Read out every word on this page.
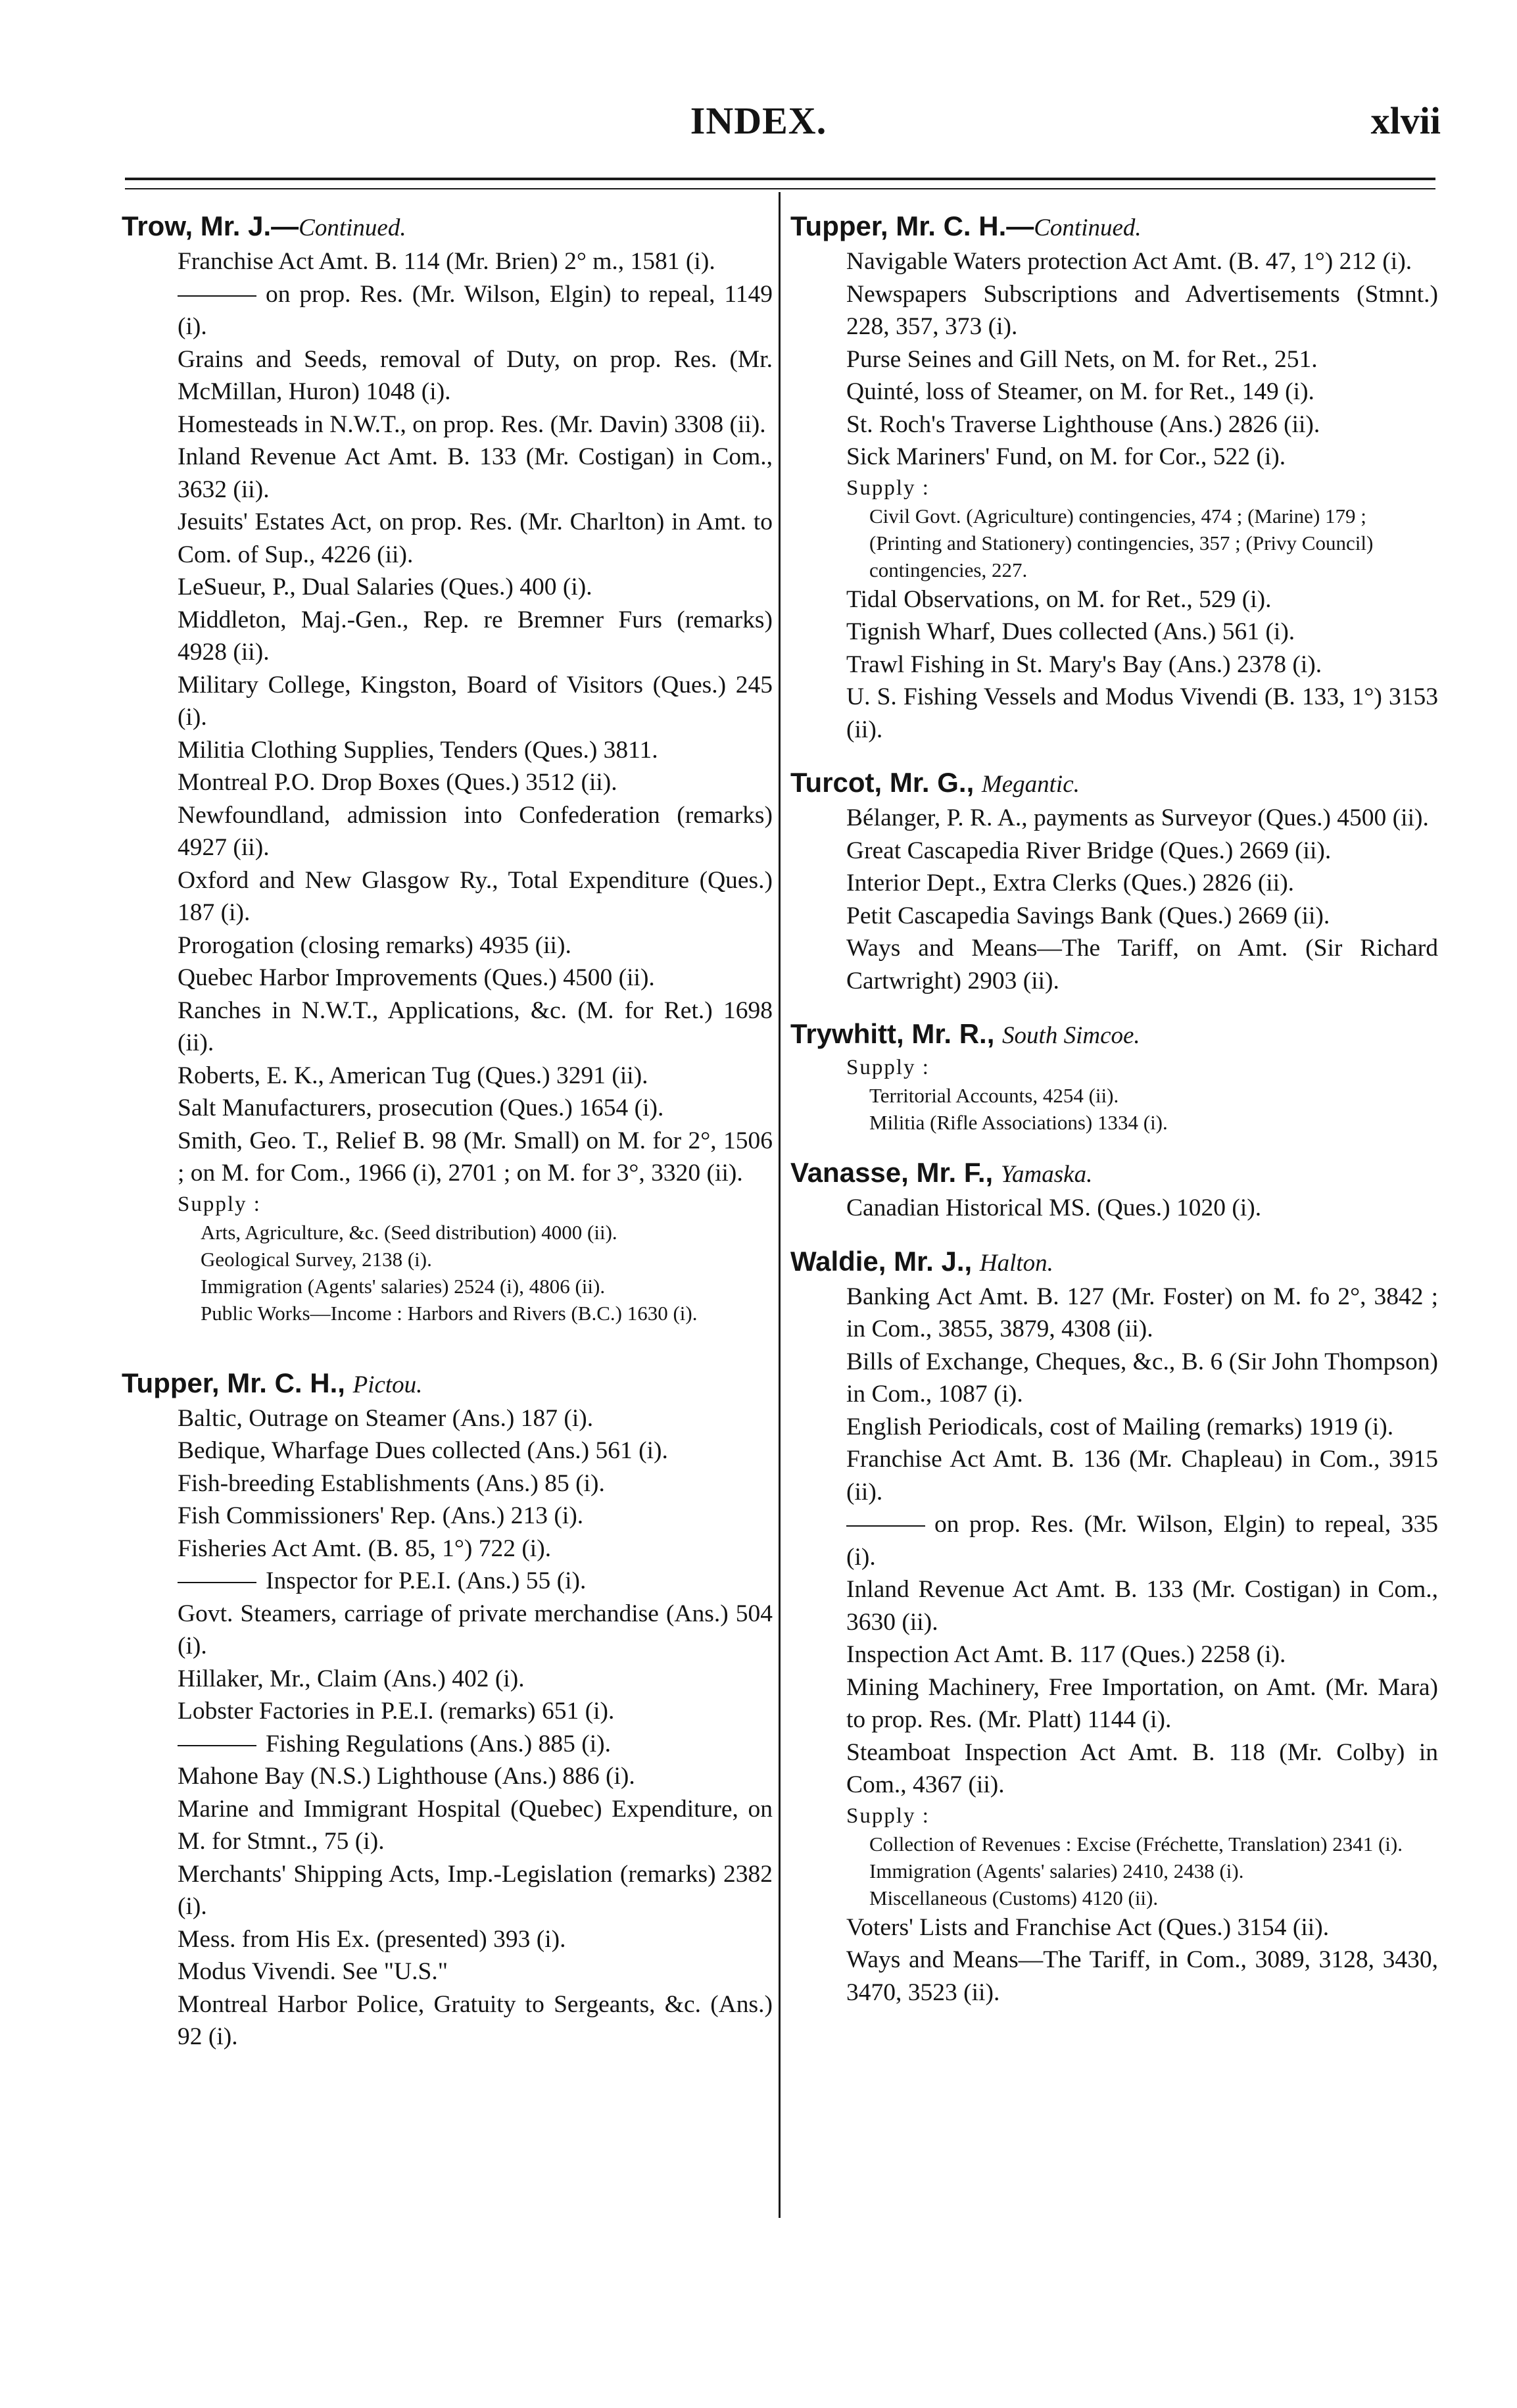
INDEX.	xlvii

Trow, Mr. J.—Continued.

Franchise Act Amt. B. 114 (Mr. Brien) 2° m., 1581 (i).

on prop. Res. (Mr. Wilson, Elgin) to repeal, 1149 (i).

Grains and Seeds, removal of Duty, on prop. Res. (Mr. McMillan, Huron) 1048 (i).

Homesteads in N.W.T., on prop. Res. (Mr. Davin) 3308 (ii).

Inland Revenue Act Amt. B. 133 (Mr. Costigan) in Com., 3632 (ii).

Jesuits' Estates Act, on prop. Res. (Mr. Charlton) in Amt. to Com. of Sup., 4226 (ii).

LeSueur, P., Dual Salaries (Ques.) 400 (i).

Middleton, Maj.-Gen., Rep. re Bremner Furs (remarks) 4928 (ii).

Military College, Kingston, Board of Visitors (Ques.) 245 (i).

Militia Clothing Supplies, Tenders (Ques.) 3811.

Montreal P.O. Drop Boxes (Ques.) 3512 (ii).

Newfoundland, admission into Confederation (remarks) 4927 (ii).

Oxford and New Glasgow Ry., Total Expenditure (Ques.) 187 (i).

Prorogation (closing remarks) 4935 (ii).

Quebec Harbor Improvements (Ques.) 4500 (ii).

Ranches in N.W.T., Applications, &c. (M. for Ret.) 1698 (ii).

Roberts, E. K., American Tug (Ques.) 3291 (ii).

Salt Manufacturers, prosecution (Ques.) 1654 (i).

Smith, Geo. T., Relief B. 98 (Mr. Small) on M. for 2°, 1506 ; on M. for Com., 1966 (i), 2701 ; on M. for 3°, 3320 (ii).

Supply :

Arts, Agriculture, &c. (Seed distribution) 4000 (ii).

Geological Survey, 2138 (i).

Immigration (Agents' salaries) 2524 (i), 4806 (ii).

Public Works—Income : Harbors and Rivers (B.C.) 1630 (i).

Tupper, Mr. C. H., Pictou.

Baltic, Outrage on Steamer (Ans.) 187 (i).

Bedique, Wharfage Dues collected (Ans.) 561 (i).

Fish-breeding Establishments (Ans.) 85 (i).

Fish Commissioners' Rep. (Ans.) 213 (i).

Fisheries Act Amt. (B. 85, 1°) 722 (i).

Inspector for P.E.I. (Ans.) 55 (i).

Govt. Steamers, carriage of private merchandise (Ans.) 504 (i).

Hillaker, Mr., Claim (Ans.) 402 (i).

Lobster Factories in P.E.I. (remarks) 651 (i).

Fishing Regulations (Ans.) 885 (i).

Mahone Bay (N.S.) Lighthouse (Ans.) 886 (i).

Marine and Immigrant Hospital (Quebec) Expenditure, on M. for Stmnt., 75 (i).

Merchants' Shipping Acts, Imp.-Legislation (remarks) 2382 (i).

Mess. from His Ex. (presented) 393 (i).

Modus Vivendi. See "U.S."

Montreal Harbor Police, Gratuity to Sergeants, &c. (Ans.) 92 (i).

Tupper, Mr. C. H.—Continued.

Navigable Waters protection Act Amt. (B. 47, 1°) 212 (i).

Newspapers Subscriptions and Advertisements (Stmnt.) 228, 357, 373 (i).

Purse Seines and Gill Nets, on M. for Ret., 251.

Quinté, loss of Steamer, on M. for Ret., 149 (i).

St. Roch's Traverse Lighthouse (Ans.) 2826 (ii).

Sick Mariners' Fund, on M. for Cor., 522 (i).

Supply :

Civil Govt. (Agriculture) contingencies, 474 ; (Marine) 179 ; (Printing and Stationery) contingencies, 357 ; (Privy Council) contingencies, 227.

Tidal Observations, on M. for Ret., 529 (i).

Tignish Wharf, Dues collected (Ans.) 561 (i).

Trawl Fishing in St. Mary's Bay (Ans.) 2378 (i).

U. S. Fishing Vessels and Modus Vivendi (B. 133, 1°) 3153 (ii).

Turcot, Mr. G., Megantic.

Bélanger, P. R. A., payments as Surveyor (Ques.) 4500 (ii).

Great Cascapedia River Bridge (Ques.) 2669 (ii).

Interior Dept., Extra Clerks (Ques.) 2826 (ii).

Petit Cascapedia Savings Bank (Ques.) 2669 (ii).

Ways and Means—The Tariff, on Amt. (Sir Richard Cartwright) 2903 (ii).

Trywhitt, Mr. R., South Simcoe.

Supply :

Territorial Accounts, 4254 (ii).

Militia (Rifle Associations) 1334 (i).

Vanasse, Mr. F., Yamaska.

Canadian Historical MS. (Ques.) 1020 (i).

Waldie, Mr. J., Halton.

Banking Act Amt. B. 127 (Mr. Foster) on M. fo 2°, 3842 ; in Com., 3855, 3879, 4308 (ii).

Bills of Exchange, Cheques, &c., B. 6 (Sir John Thompson) in Com., 1087 (i).

English Periodicals, cost of Mailing (remarks) 1919 (i).

Franchise Act Amt. B. 136 (Mr. Chapleau) in Com., 3915 (ii).

on prop. Res. (Mr. Wilson, Elgin) to repeal, 335 (i).

Inland Revenue Act Amt. B. 133 (Mr. Costigan) in Com., 3630 (ii).

Inspection Act Amt. B. 117 (Ques.) 2258 (i).

Mining Machinery, Free Importation, on Amt. (Mr. Mara) to prop. Res. (Mr. Platt) 1144 (i).

Steamboat Inspection Act Amt. B. 118 (Mr. Colby) in Com., 4367 (ii).

Supply :

Collection of Revenues : Excise (Fréchette, Translation) 2341 (i).

Immigration (Agents' salaries) 2410, 2438 (i).

Miscellaneous (Customs) 4120 (ii).

Voters' Lists and Franchise Act (Ques.) 3154 (ii).

Ways and Means—The Tariff, in Com., 3089, 3128, 3430, 3470, 3523 (ii).
